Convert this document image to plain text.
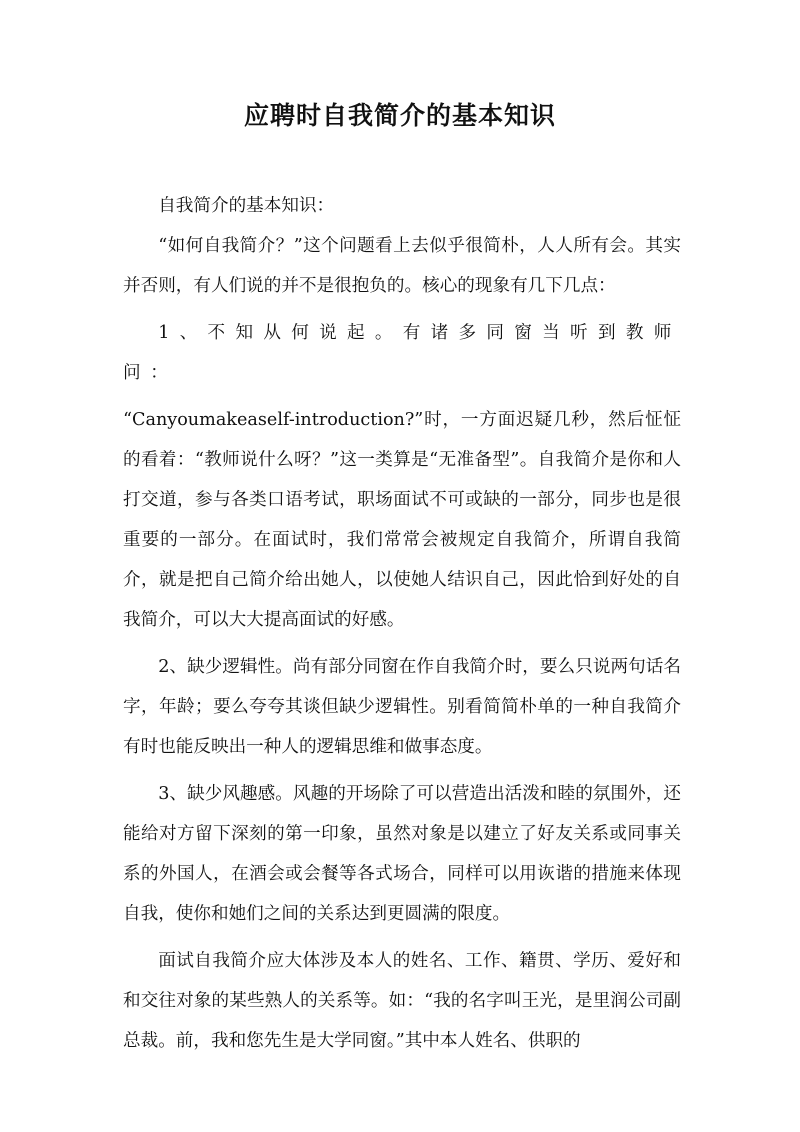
应聘时自我简介的基本知识

自我简介的基本知识：

“如何自我简介？”这个问题看上去似乎很简朴，人人所有会。其实并否则，有人们说的并不是很抱负的。核心的现象有几下几点：

1、不知从何说起。有诸多同窗当听到教师问：

“Canyoumakeaself-introduction?”时，一方面迟疑几秒，然后怔怔的看着：“教师说什么呀？”这一类算是“无准备型”。自我简介是你和人打交道，参与各类口语考试，职场面试不可或缺的一部分，同步也是很重要的一部分。在面试时，我们常常会被规定自我简介，所谓自我简介，就是把自己简介给出她人，以使她人结识自己，因此恰到好处的自我简介，可以大大提高面试的好感。

2、缺少逻辑性。尚有部分同窗在作自我简介时，要么只说两句话名字，年龄；要么夸夸其谈但缺少逻辑性。别看简简朴单的一种自我简介有时也能反映出一种人的逻辑思维和做事态度。

3、缺少风趣感。风趣的开场除了可以营造出活泼和睦的氛围外，还能给对方留下深刻的第一印象，虽然对象是以建立了好友关系或同事关系的外国人，在酒会或会餐等各式场合，同样可以用诙谐的措施来体现自我，使你和她们之间的关系达到更圆满的限度。

面试自我简介应大体涉及本人的姓名、工作、籍贯、学历、爱好和和交往对象的某些熟人的关系等。如：“我的名字叫王光，是里润公司副总裁。前，我和您先生是大学同窗。”其中本人姓名、供职的
